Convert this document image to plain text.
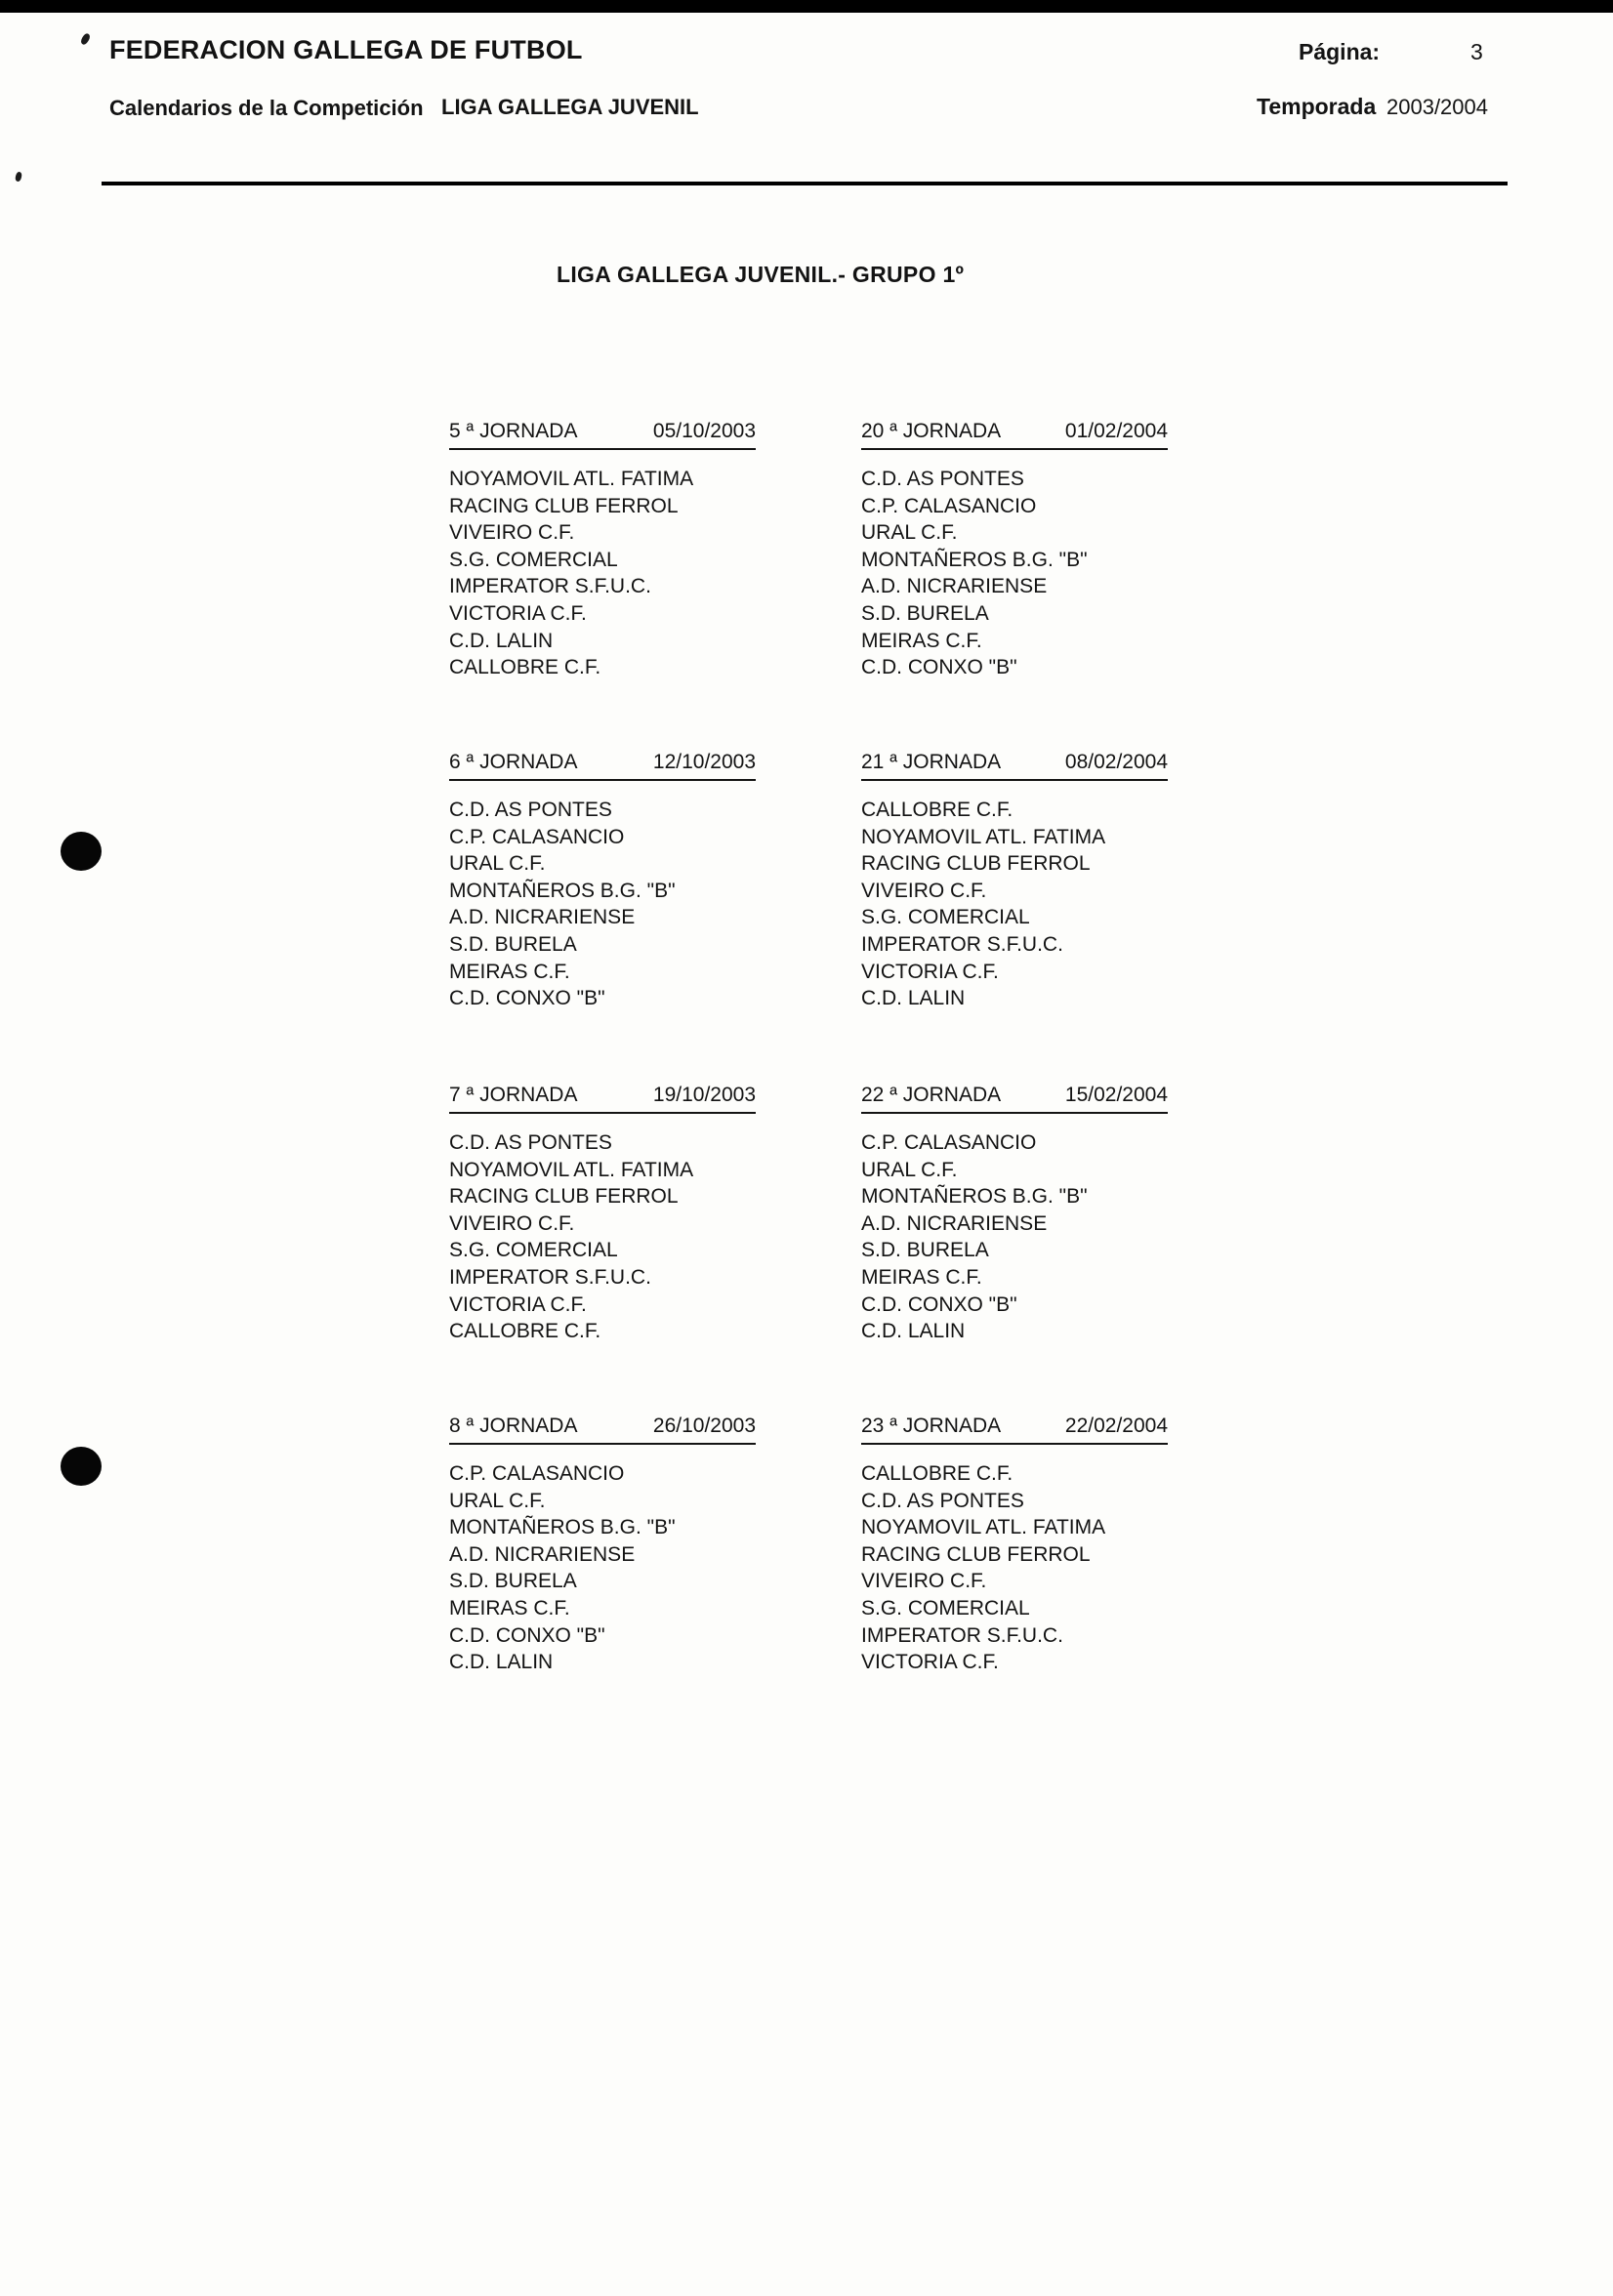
FEDERACION GALLEGA DE FUTBOL	Página:	3
Calendarios de la Competición LIGA GALLEGA JUVENIL	Temporada 2003/2004
LIGA GALLEGA JUVENIL.- GRUPO 1º
5 ª JORNADA	05/10/2003
NOYAMOVIL ATL. FATIMA
RACING CLUB FERROL
VIVEIRO C.F.
S.G. COMERCIAL
IMPERATOR S.F.U.C.
VICTORIA C.F.
C.D. LALIN
CALLOBRE C.F.
6 ª JORNADA	12/10/2003
C.D. AS PONTES
C.P. CALASANCIO
URAL C.F.
MONTAÑEROS B.G. "B"
A.D. NICRARIENSE
S.D. BURELA
MEIRAS C.F.
C.D. CONXO "B"
7 ª JORNADA	19/10/2003
C.D. AS PONTES
NOYAMOVIL ATL. FATIMA
RACING CLUB FERROL
VIVEIRO C.F.
S.G. COMERCIAL
IMPERATOR S.F.U.C.
VICTORIA C.F.
CALLOBRE C.F.
8 ª JORNADA	26/10/2003
C.P. CALASANCIO
URAL C.F.
MONTAÑEROS B.G. "B"
A.D. NICRARIENSE
S.D. BURELA
MEIRAS C.F.
C.D. CONXO "B"
C.D. LALIN
20 ª JORNADA	01/02/2004
C.D. AS PONTES
C.P. CALASANCIO
URAL C.F.
MONTAÑEROS B.G. "B"
A.D. NICRARIENSE
S.D. BURELA
MEIRAS C.F.
C.D. CONXO "B"
21 ª JORNADA	08/02/2004
CALLOBRE C.F.
NOYAMOVIL ATL. FATIMA
RACING CLUB FERROL
VIVEIRO C.F.
S.G. COMERCIAL
IMPERATOR S.F.U.C.
VICTORIA C.F.
C.D. LALIN
22 ª JORNADA	15/02/2004
C.P. CALASANCIO
URAL C.F.
MONTAÑEROS B.G. "B"
A.D. NICRARIENSE
S.D. BURELA
MEIRAS C.F.
C.D. CONXO "B"
C.D. LALIN
23 ª JORNADA	22/02/2004
CALLOBRE C.F.
C.D. AS PONTES
NOYAMOVIL ATL. FATIMA
RACING CLUB FERROL
VIVEIRO C.F.
S.G. COMERCIAL
IMPERATOR S.F.U.C.
VICTORIA C.F.
